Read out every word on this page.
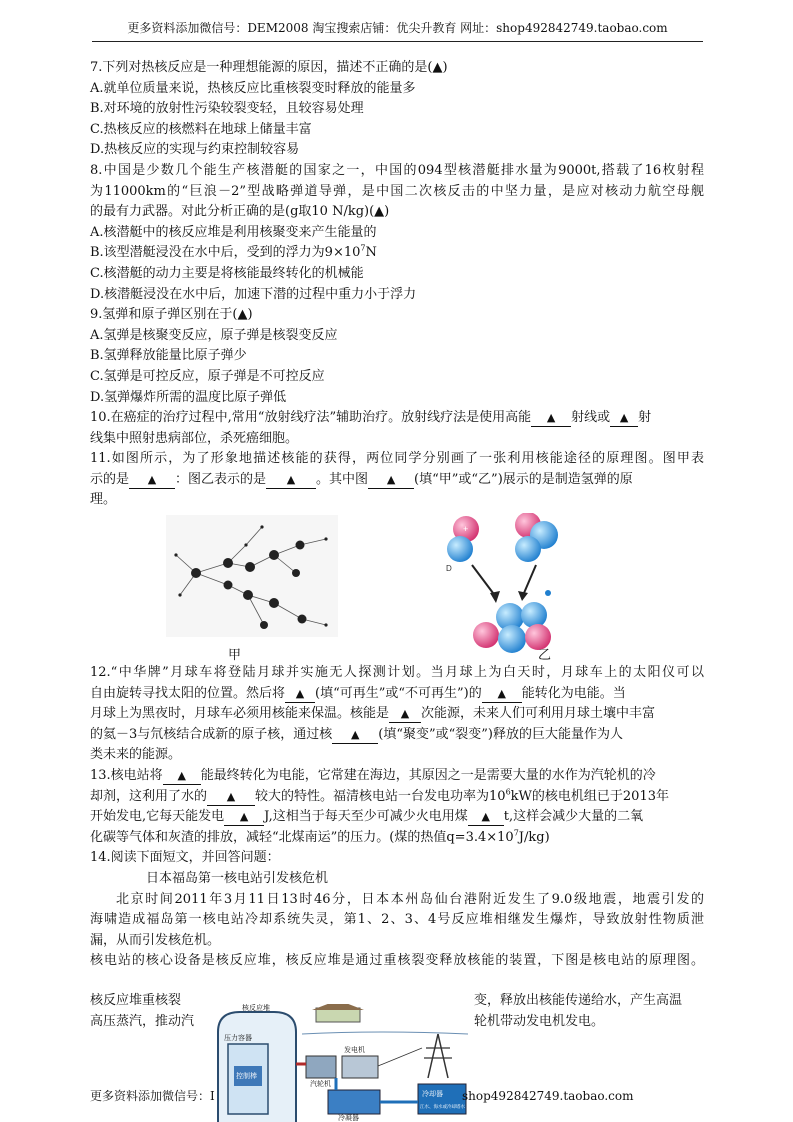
更多资料添加微信号：DEM2008 淘宝搜索店铺：优尖升教育 网址：shop492842749.taobao.com
7.下列对热核反应是一种理想能源的原因，描述不正确的是(▲)
A.就单位质量来说，热核反应比重核裂变时释放的能量多
B.对环境的放射性污染较裂变轻，且较容易处理
C.热核反应的核燃料在地球上储量丰富
D.热核反应的实现与约束控制较容易
8.中国是少数几个能生产核潜艇的国家之一，中国的094型核潜艇排水量为9000t,搭载了16枚射程
为11000km的“巨浪－2”型战略弹道导弹，是中国二次核反击的中坚力量，是应对核动力航空母舰
的最有力武器。对此分析正确的是(g取10 N/kg)(▲)
A.核潜艇中的核反应堆是利用核聚变来产生能量的
B.该型潜艇浸没在水中后，受到的浮力为$9\times 10^7N$
C.核潜艇的动力主要是将核能最终转化的机械能
D.核潜艇浸没在水中后，加速下潜的过程中重力小于浮力
9.氢弹和原子弹区别在于(▲)
A.氢弹是核聚变反应，原子弹是核裂变反应
B.氢弹释放能量比原子弹少
C.氢弹是可控反应，原子弹是不可控反应
D.氢弹爆炸所需的温度比原子弹低
10.在癌症的治疗过程中,常用“放射线疗法”辅助治疗。放射线疗法是使用高能 ▲ 射线或 ▲ 射
线集中照射患病部位，杀死癌细胞。
11.如图所示，为了形象地描述核能的获得，两位同学分别画了一张利用核能途径的原理图。图甲表
示的是 ▲ ：图乙表示的是 ▲ 。其中图 ▲ (填“甲”或“乙”)展示的是制造氢弹的原
理。
甲
D
+
乙
12.“中华牌”月球车将登陆月球并实施无人探测计划。当月球上为白天时，月球车上的太阳仪可以
自由旋转寻找太阳的位置。然后将 ▲ (填“可再生”或“不可再生”)的 ▲ 能转化为电能。当
月球上为黑夜时，月球车必须用核能来保温。核能是 ▲ 次能源，未来人们可利用月球土壤中丰富
的氦－3与氘核结合成新的原子核，通过核 ▲ (填“聚变”或“裂变”)释放的巨大能量作为人
类未来的能源。
13.核电站将 ▲ 能最终转化为电能，它常建在海边，其原因之一是需要大量的水作为汽轮机的冷
却剂，这利用了水的 ▲ 较大的特性。福清核电站一台发电功率为$10^6kW$的核电机组已于2013年
开始发电,它每天能发电 ▲ J,这相当于每天至少可减少火电用煤 ▲ t,这样会减少大量的二氧
化碳等气体和灰渣的排放，减轻“北煤南运”的压力。(煤的热值$q=3.4\times 10^7J/kg$)
14.阅读下面短文，并回答问题：
日本福岛第一核电站引发核危机
北京时间2011年3月11日13时46分，日本本州岛仙台港附近发生了9.0级地震，地震引发的
海啸造成福岛第一核电站冷却系统失灵，第1、2、3、4号反应堆相继发生爆炸，导致放射性物质泄
漏，从而引发核危机。
核电站的核心设备是核反应堆，核反应堆是通过重核裂变释放核能的装置，下图是核电站的原理图。
核反应堆重核裂	变，释放出核能传递给水，产生高温
高压蒸汽，推动汽	轮机带动发电机发电。
核反应堆
压力容器
控制棒
汽轮机
发电机
冷凝器
冷却器
江水、海水或冷却塔水
更多资料添加微信号：I	shop492842749.taobao.com
